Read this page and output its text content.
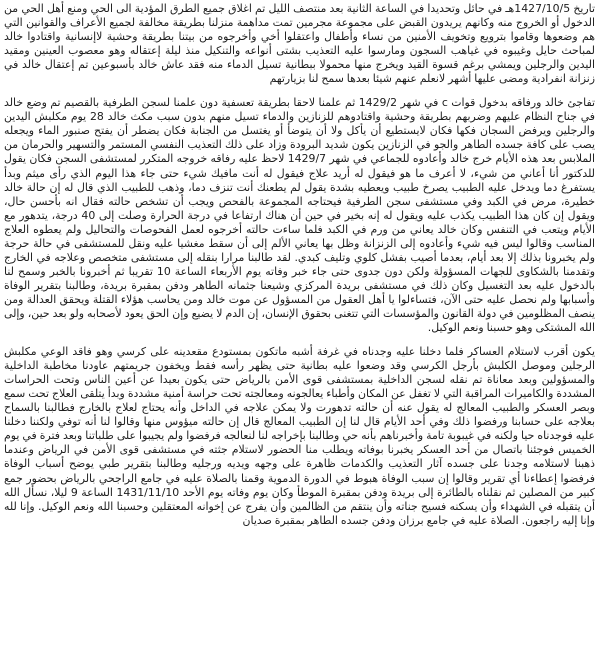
تاريخ 1427/10/5هـ في حائل وتحديدا في الساعة الثانية بعد منتصف الليل تم اغلاق جميع الطرق المؤدية الى الحي ومنع أهل الحي من الدخول أو الخروج منه وكانهم يريدون القبض على مجموعة مجرمين تمت مداهمة منزلنا بطريقة مخالفة لجميع الأعراف والقوانين التي هم وضعوها وقاموا بترويع وتخويف الأمنين من نساء وأطفال واعتقلوا أخي وأخرجوه من بيتنا بطريقة وحشية لاإنسانية واقتادوا خالد لمباحث حايل وغيبوه في غياهب السجون ومارسوا عليه التعذيب بشتى أنواعه والتنكيل منذ ليلة إعتقاله وهو معصوب العينين ومقيد اليدين والرجلين ويمشي برغم قسوة القيد ويخرج منها محمولا ببطانية تسيل الدماء منه فقد عاش خالد بأسبوعين تم إعتقال خالد في زنزانة انفرادية ومضى عليها أشهر لانعلم عنهم شيئا بعدها سمح لنا بزيارتهم

تفاجئ خالد ورفاقه بدخول قوات c في شهر 1429/2 ثم علمنا لاحقا بطريقة تعسفية دون علمنا لسجن الطرفية بالقصيم تم وضع خالد في جناح النظام عليهم وضربهم بطريقة وحشية واقتادوهم للزنازين والدماء تسيل منهم بدون سبب مكث خالد 28 يوم مكلبش اليدين والرجلين ويرفض السجان فكها فكان لايستطيع أن يأكل ولا أن يتوضأ أو يغتسل من الجنابة فكان يضطر أن يفتح صنبور الماء ويجعله يصب على كافة جسده الطاهر والجو في الزنازين يكون شديد البرودة وزاد على ذلك التعذيب النفسي المستمر والتسهير والحرمان من الملابس بعد هذه الأيام خرج خالد وأعادوه للجماعي في شهر 1429/7 لاحظ عليه رفاقه خروجه المتكرر لمستشفى السجن فكان يقول للدكتور أنا أعاني من شيء، لا أعرف ما هو فيقول له أريد علاج فيقول له أنت مافيك شيء حتى جاء هذا اليوم الذي رأى ميثم وبدأ يستفرغ دما ويدخل عليه الطبيب يصرخ طبيب ويعطيه بشدة يقول لم يطعنك أنت تنزف دما، وذهب للطبيب الذي قال له إن حالة خالد خطيرة، مرض في الكبد وفي مستشفى سجن الطرفية فيحتاجه المجموعة بالفحص ويجب أن تشخص حالته فقال انه بأحسن حال، ويقول إن كان هذا الطبيب يكذب عليه ويقول له إنه بخير في حين أن هناك ارتفاعا في درجة الحرارة وصلت إلى 40 درجة، يتدهور مع الأيام ويتعب في التنفس وكان خالد يعاني من ورم في الكبد فلما ساءت حالته أخرجوه لعمل الفحوصات والتحاليل ولم يعطوه العلاج المناسب وقالوا ليس فيه شيء وأعادوه إلى الزنزانة وظل بها يعاني الألم إلى أن سقط مغشيا عليه ونقل للمستشفى في حالة حرجة ولم يخبرونا بذلك إلا بعد أيام، بعدما أصيب بفشل كلوي وتليف كبدي. لقد طالبنا مرارا بنقله إلى مستشفى متخصص وعلاجه في الخارج وتقدمنا بالشكاوى للجهات المسؤولة ولكن دون جدوى حتى جاء خبر وفاته يوم الأربعاء الساعة 10 تقريبا ثم أخبرونا بالخبر وسمح لنا بالدخول عليه بعد التغسيل وكان ذلك في مستشفى بريدة المركزي وشيعنا جثمانه الطاهر ودفن بمقبرة بريدة، وطالبنا بتقرير الوفاة وأسبابها ولم نحصل عليه حتى الآن، فتساءلوا يا أهل العقول من المسؤول عن موت خالد ومن يحاسب هؤلاء القتلة ويحقق العدالة ومن ينصف المظلومين في دولة القانون والمؤسسات التي تتغنى بحقوق الإنسان، إن الدم لا يضيع وإن الحق يعود لأصحابه ولو بعد حين، وإلى الله المشتكى وهو حسبنا ونعم الوكيل.

يكون أقرب لاستلام العساكر فلما دخلنا عليه وجدناه في غرفة أشبه ماتكون بمستودع مقعدينه على كرسي وهو فاقد الوعي مكلبش الرجلين وموصل الكلبش بأرجل الكرسي وقد وضعوا عليه بطانية حتى يظهر رأسه فقط ويخفون جريمتهم عاودنا مخاطبة الداخلية والمسؤولين وبعد معاناة تم نقله لسجن الداخلية بمستشفى قوى الأمن بالرياض حتى يكون بعيدا عن أعين الناس وتحت الحراسات المشددة والكاميرات المراقبة التي لا تغفل عن المكان وأطباء يعالجونه ومعالجته تحت حراسة أمنية مشددة وبدأ يتلقى العلاج تحت سمع وبصر العسكر والطبيب المعالج له يقول عنه أن حالته تدهورت ولا يمكن علاجه في الداخل وأنه يحتاج لعلاج بالخارج فطالبنا بالسماح بعلاجه على حسابنا ورفضوا ذلك وفي أحد الأيام قال لنا إن الطبيب المعالج قال إن حالته ميؤوس منها وقالوا لنا أنه توفي ولكننا دخلنا عليه فوجدناه حيا ولكنه في غيبوبة تامة وأخبرناهم بأنه حي وطالبنا بإخراجه لنا لنعالجه فرفضوا ولم يجيبوا على طلباتنا وبعد فترة في يوم الخميس فوجئنا باتصال من أحد العسكر يخبرنا بوفاته ويطلب منا الحضور لاستلام جثته في مستشفى قوى الأمن في الرياض وعندما ذهبنا لاستلامه وجدنا على جسده آثار التعذيب والكدمات ظاهرة على وجهه ويديه ورجليه وطالبنا بتقرير طبي يوضح أسباب الوفاة فرفضوا إعطاءنا أي تقرير وقالوا إن سبب الوفاة هبوط في الدورة الدموية وقمنا بالصلاة عليه في جامع الراجحي بالرياض بحضور جمع كبير من المصلين ثم نقلناه بالطائرة إلى بريدة ودفن بمقبرة الموطأ وكان يوم وفاته يوم الأحد 1431/11/10 الساعة 9 ليلا، نسأل الله أن يتقبله في الشهداء وأن يسكنه فسيح جناته وأن ينتقم من الظالمين وأن يفرج عن إخوانه المعتقلين وحسبنا الله ونعم الوكيل. وإنا لله وإنا إليه راجعون. الصلاة عليه في جامع برزان ودفن جسده الطاهر بمقبرة صديان
